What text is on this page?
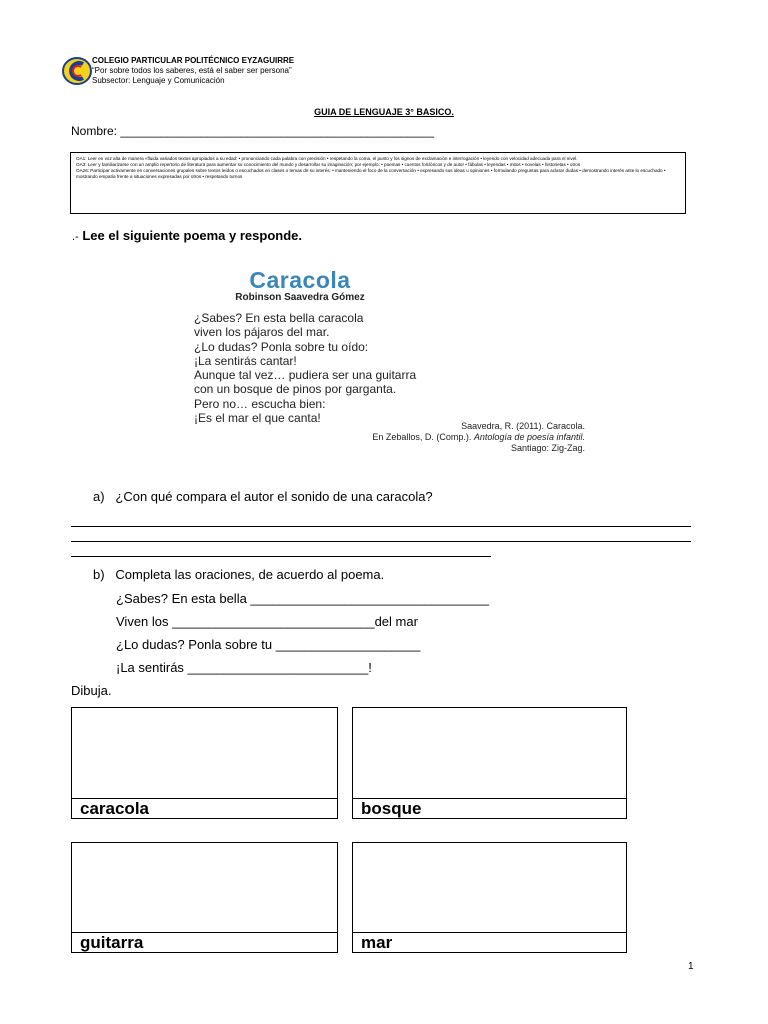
COLEGIO PARTICULAR POLITÉCNICO EYZAGUIRRE
“Por sobre todos los saberes, está el saber ser persona”
Subsector: Lenguaje y Comunicación
GUIA DE LENGUAJE 3° BASICO.
Nombre: _______________________________________________

OA1: Leer en voz alta de manera «fluida variados textos apropiados a su edad: • pronunciando cada palabra con precisión • respetando la coma, el punto y los signos de exclamación e interrogación • leyendo con velocidad adecuada para el nivel.

OA3: Leer y familiarizarse con un amplio repertorio de literatura para aumentar su conocimiento del mundo y desarrollar su imaginación; por ejemplo: • poemas • cuentos folclóricos y de autor • fábulas • leyendas • mitos • novelas • historietas • otros

OA26: Participar activamente en conversaciones grupales sobre textos leídos o escuchados en clases o temas de su interés: • manteniendo el foco de la conversación • expresando sus ideas u opiniones • formulando preguntas para aclarar dudas • demostrando interés ante lo escuchado • mostrando empatía frente a situaciones expresadas por otros • respetando turnos

.- Lee el siguiente poema y responde.
Caracola
Robinson Saavedra Gómez
¿Sabes? En esta bella caracola
viven los pájaros del mar.
¿Lo dudas? Ponla sobre tu oído:
¡La sentirás cantar!
Aunque tal vez… pudiera ser una guitarra
con un bosque de pinos por garganta.
Pero no… escucha bien:
¡Es el mar el que canta!
Saavedra, R. (2011). Caracola.
En Zeballos, D. (Comp.). Antología de poesía infantil.
Santiago: Zig-Zag.
a) ¿Con qué compara el autor el sonido de una caracola?
b) Completa las oraciones, de acuerdo al poema.
¿Sabes? En esta bella _________________________________
Viven los ____________________________del mar
¿Lo dudas? Ponla sobre tu ____________________
¡La sentirás _________________________!
Dibuja.
caracola	bosque
guitarra	mar
1
